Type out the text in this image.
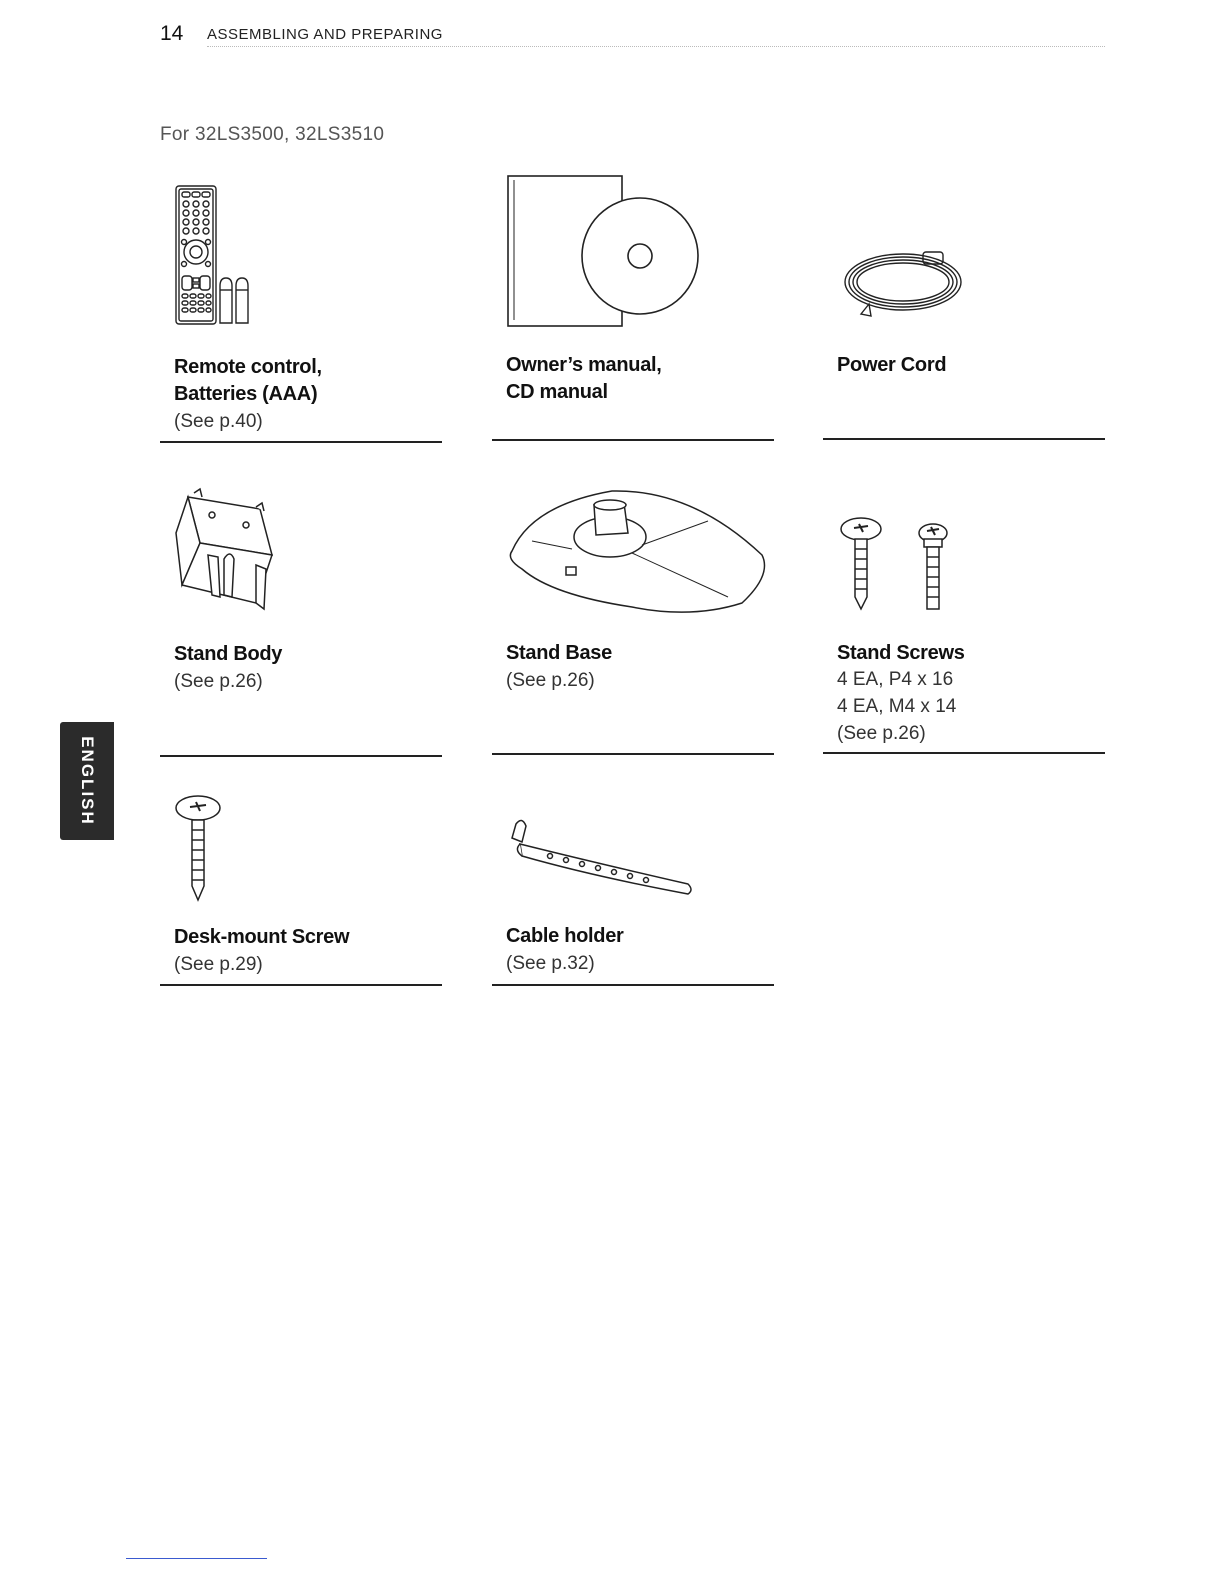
14 ASSEMBLING AND PREPARING
For 32LS3500, 32LS3510
Remote control,
Batteries (AAA)
(See p.40)
Owner’s manual,
CD manual
Power Cord
Stand Body
(See p.26)
Stand Base
(See p.26)
Stand Screws
4 EA, P4 x 16
4 EA, M4 x 14
(See p.26)
Desk-mount Screw
(See p.29)
Cable holder
(See p.32)
ENGLISH
